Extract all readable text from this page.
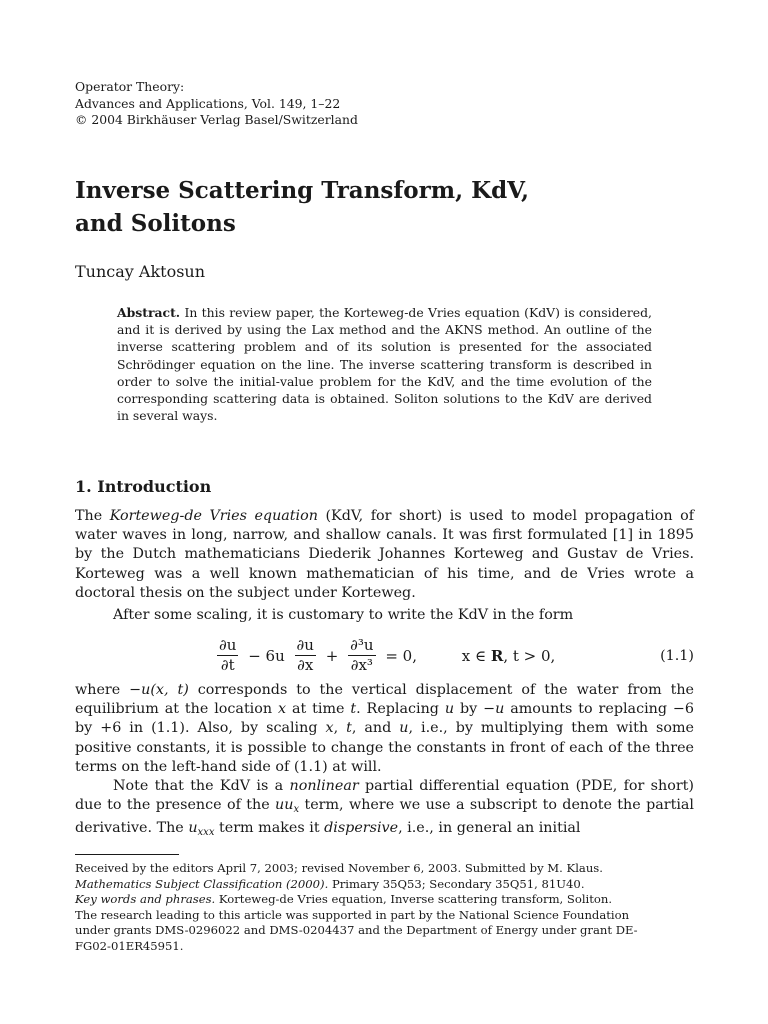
Operator Theory:
Advances and Applications, Vol. 149, 1–22
© 2004 Birkhäuser Verlag Basel/Switzerland
Inverse Scattering Transform, KdV,
and Solitons
Tuncay Aktosun
Abstract. In this review paper, the Korteweg-de Vries equation (KdV) is considered, and it is derived by using the Lax method and the AKNS method. An outline of the inverse scattering problem and of its solution is presented for the associated Schrödinger equation on the line. The inverse scattering transform is described in order to solve the initial-value problem for the KdV, and the time evolution of the corresponding scattering data is obtained. Soliton solutions to the KdV are derived in several ways.
1. Introduction
The Korteweg-de Vries equation (KdV, for short) is used to model propagation of water waves in long, narrow, and shallow canals. It was first formulated [1] in 1895 by the Dutch mathematicians Diederik Johannes Korteweg and Gustav de Vries. Korteweg was a well known mathematician of his time, and de Vries wrote a doctoral thesis on the subject under Korteweg.
After some scaling, it is customary to write the KdV in the form
$\frac{\partial u}{\partial t} - 6u \frac{\partial u}{\partial x} + \frac{\text{∂³u}}{\text{∂x³}} = 0$,	x ∈ R, t > 0,	(1.1)
where −u(x, t) corresponds to the vertical displacement of the water from the equilibrium at the location x at time t. Replacing u by −u amounts to replacing −6 by +6 in (1.1). Also, by scaling x, t, and u, i.e., by multiplying them with some positive constants, it is possible to change the constants in front of each of the three terms on the left-hand side of (1.1) at will.
Note that the KdV is a nonlinear partial differential equation (PDE, for short) due to the presence of the $uu_x$ term, where we use a subscript to denote the partial derivative. The $u_{xxx}$ term makes it dispersive, i.e., in general an initial
Received by the editors April 7, 2003; revised November 6, 2003. Submitted by M. Klaus.
Mathematics Subject Classification (2000). Primary 35Q53; Secondary 35Q51, 81U40.
Key words and phrases. Korteweg-de Vries equation, Inverse scattering transform, Soliton.
The research leading to this article was supported in part by the National Science Foundation
under grants DMS-0296022 and DMS-0204437 and the Department of Energy under grant DE-
FG02-01ER45951.
